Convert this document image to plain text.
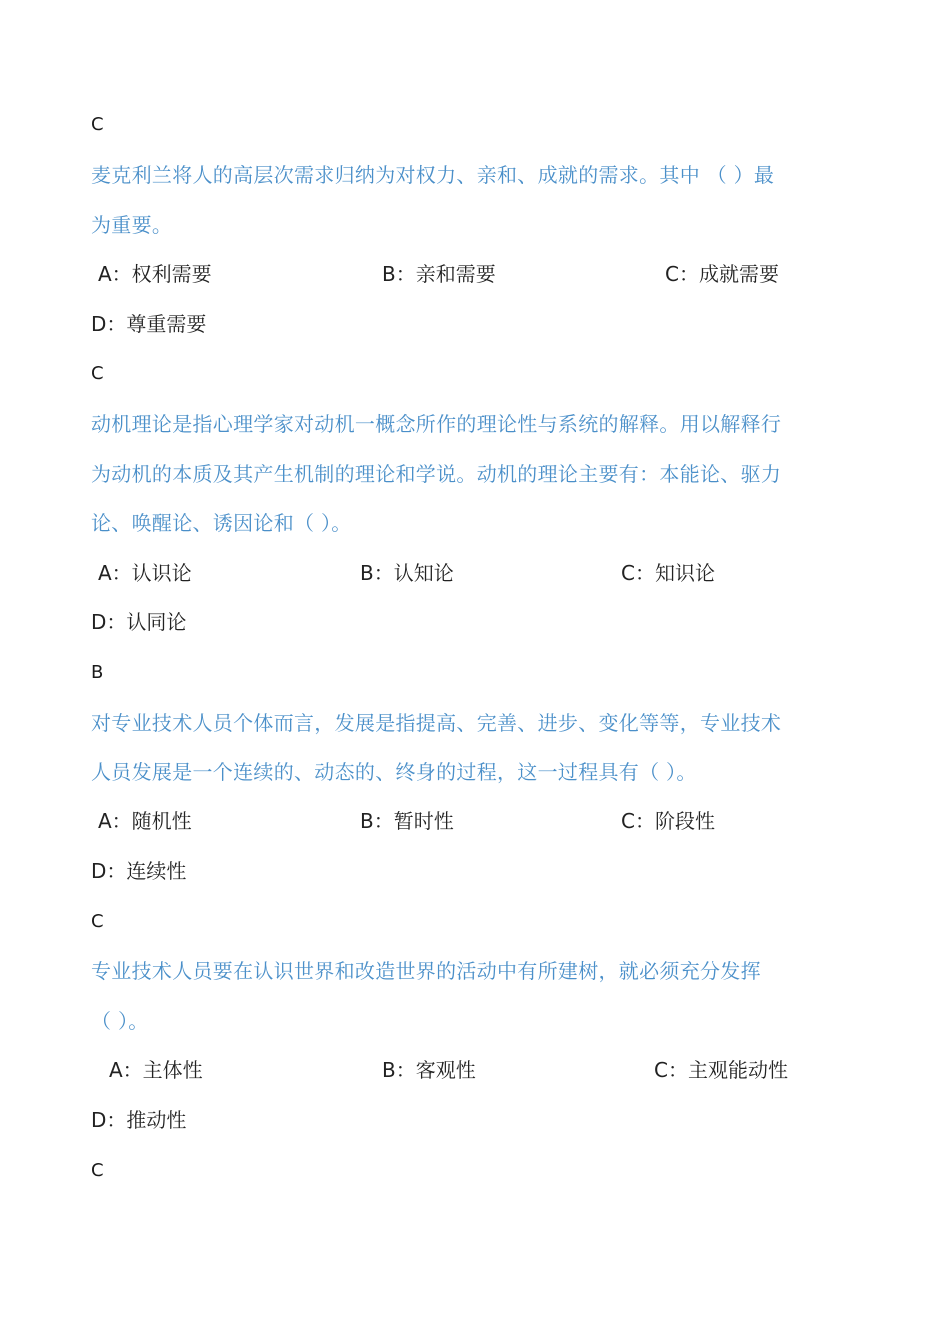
C
麦克利兰将人的高层次需求归纳为对权力、亲和、成就的需求。其中 （ ）最
为重要。
A：权利需要	B：亲和需要	C：成就需要
D：尊重需要
C
动机理论是指心理学家对动机一概念所作的理论性与系统的解释。用以解释行
为动机的本质及其产生机制的理论和学说。动机的理论主要有：本能论、驱力
论、唤醒论、诱因论和（ ）。
A：认识论	B：认知论	C：知识论
D：认同论
B
对专业技术人员个体而言，发展是指提高、完善、进步、变化等等，专业技术
人员发展是一个连续的、动态的、终身的过程，这一过程具有（ ）。
A：随机性	B：暂时性	C：阶段性
D：连续性
C
专业技术人员要在认识世界和改造世界的活动中有所建树，就必须充分发挥
（ ）。
A：主体性	B：客观性	C：主观能动性
D：推动性
C
